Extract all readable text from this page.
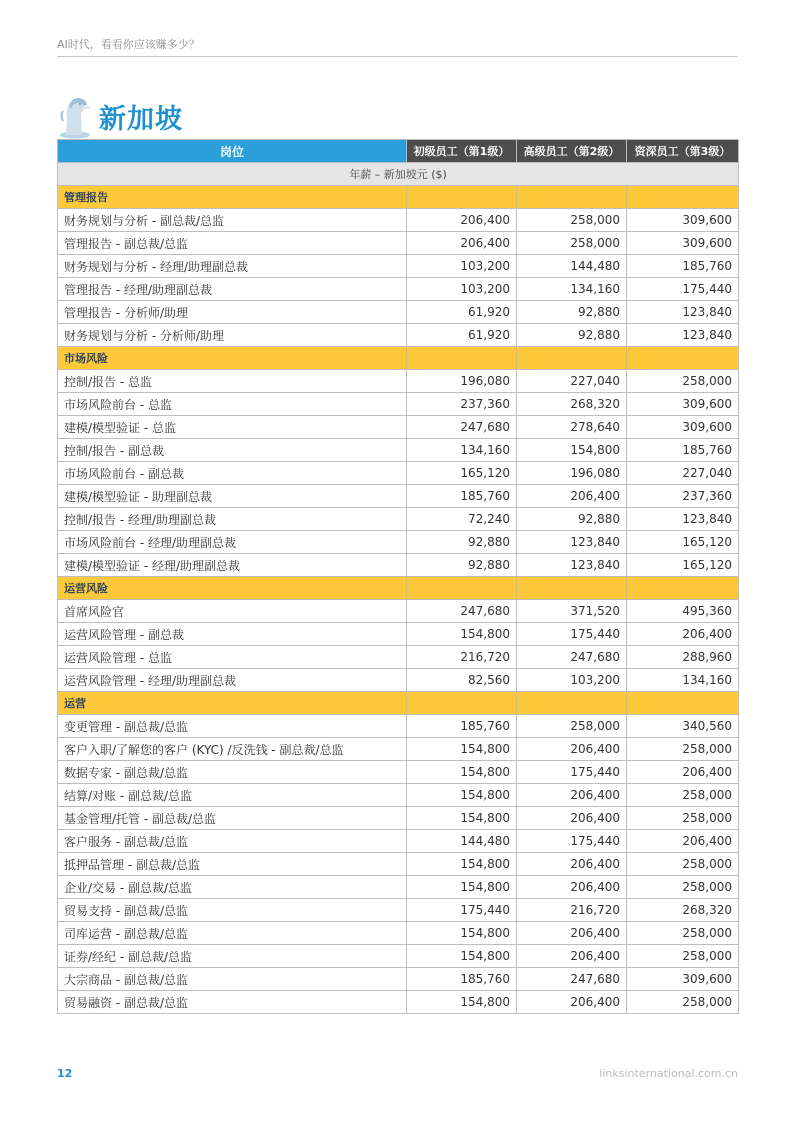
AI时代，看看你应该赚多少？
新加坡
岗位	初级员工（第1级）	高级员工（第2级）	资深员工（第3级）
年薪 – 新加坡元 ($)			
管理报告			
财务规划与分析 - 副总裁/总监	206,400	258,000	309,600
管理报告 - 副总裁/总监	206,400	258,000	309,600
财务规划与分析 - 经理/助理副总裁	103,200	144,480	185,760
管理报告 - 经理/助理副总裁	103,200	134,160	175,440
管理报告 - 分析师/助理	61,920	92,880	123,840
财务规划与分析 - 分析师/助理	61,920	92,880	123,840
市场风险			
控制/报告 - 总监	196,080	227,040	258,000
市场风险前台 - 总监	237,360	268,320	309,600
建模/模型验证 - 总监	247,680	278,640	309,600
控制/报告 - 副总裁	134,160	154,800	185,760
市场风险前台 - 副总裁	165,120	196,080	227,040
建模/模型验证 - 助理副总裁	185,760	206,400	237,360
控制/报告 - 经理/助理副总裁	72,240	92,880	123,840
市场风险前台 - 经理/助理副总裁	92,880	123,840	165,120
建模/模型验证 - 经理/助理副总裁	92,880	123,840	165,120
运营风险			
首席风险官	247,680	371,520	495,360
运营风险管理 - 副总裁	154,800	175,440	206,400
运营风险管理 - 总监	216,720	247,680	288,960
运营风险管理 - 经理/助理副总裁	82,560	103,200	134,160
运营			
变更管理 - 副总裁/总监	185,760	258,000	340,560
客户入职/了解您的客户 (KYC) /反洗钱 - 副总裁/总监	154,800	206,400	258,000
数据专家 - 副总裁/总监	154,800	175,440	206,400
结算/对账 - 副总裁/总监	154,800	206,400	258,000
基金管理/托管 - 副总裁/总监	154,800	206,400	258,000
客户服务 - 副总裁/总监	144,480	175,440	206,400
抵押品管理 - 副总裁/总监	154,800	206,400	258,000
企业/交易 - 副总裁/总监	154,800	206,400	258,000
贸易支持 - 副总裁/总监	175,440	216,720	268,320
司库运营 - 副总裁/总监	154,800	206,400	258,000
证券/经纪 - 副总裁/总监	154,800	206,400	258,000
大宗商品 - 副总裁/总监	185,760	247,680	309,600
贸易融资 - 副总裁/总监	154,800	206,400	258,000
12	linksinternational.com.cn
